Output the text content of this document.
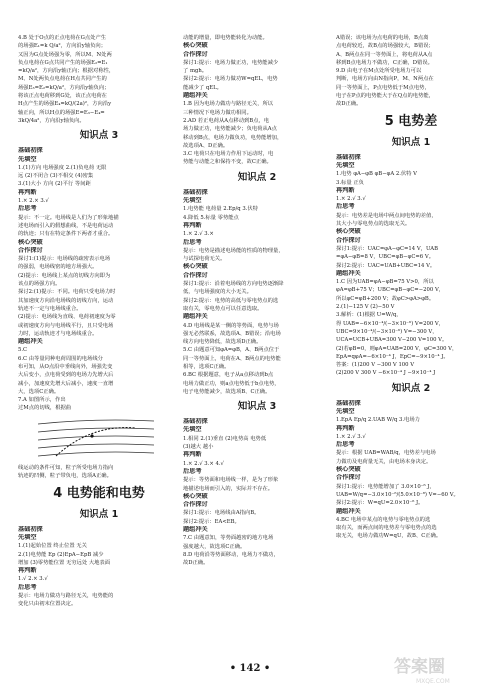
4.B 处于O点的正点电荷在G点处产生
的场强E₁=k Q/a²，方向沿y轴负向；
又因为G点处场强为零，所以M、N处两
负点电荷在G点共同产生的场强E₂=E₁
=kQ/a²，方向沿y轴正向；根据对称性，
M、N处两负点电荷在H点共同产生的
场强E₃=E₂=kQ/a²，方向沿y轴负向；
将该正点电荷移到G处，该正点电荷在
H点产生的场强E₄=kQ/(2a)²，方向沿y
轴正向，所以H点的场强E=E₃−E₄=
3kQ/4a²，方向沿y轴负向。
知识点 3
基础初探
先填空
1.(1)方向 电场强度 2.(1)负电荷 无限
远 (2)不闭合 (3)不相交 (4)密集
3.(1)大小 方向 (2)平行 等间距
再判断
1.× 2.× 3.√
后思考
提示：不一定。电场线是人们为了形象地描
述电场而引入的假想曲线，不是电荷运动
的轨迹；只有在特定条件下两者才重合。
核心突破
合作探讨
探讨1:(1)提示：电场线的疏密表示电场
的强弱，电场线密的地方场强大。
(2)提示：电场线上某点的切线方向即为
该点的场强方向。
探讨2:(1)提示：不同。电荷只受电场力时
其加速度方向沿电场线的切线方向，运动
轨迹不一定与电场线重合。
(2)提示：电场线为直线、电荷初速度为零
或初速度方向与电场线平行，且只受电场
力时，运动轨迹才与电场线重合。
题组冲关
5.C
6.C 由等量同种电荷周围的电场线分
布可知，从O点沿中垂线向外，场强先变
大后变小，点电荷受到的电场力先增大后
减小，加速度先增大后减小，速度一直增
大，选项C正确。
7.A 如图所示，作出
过M点的切线，根据曲
线运动的条件可知，粒子所受电场力指向
轨迹的凹侧，粒子带负电，选项A正确。
4 电势能和电势
知识点 1
基础初探
先填空
1.(1)起始位置 终止位置 无关
2.(1)电势能 Ep (2)EpA−EpB 减少
增加 (3)零势能位置 无穷远处 大地表面
再判断
1.√ 2.× 3.√
后思考
提示：电场力做功与路径无关，电势能的
变化只由初末位置决定。
动能的增量，即电势能转化为动能。
核心突破
合作探讨
探讨1:提示：电场力做正功，电势能减少
了 mgh。
探讨2:提示：电场力做功W=qEL，电势
能减少了 qEL。
题组冲关
1.B 因为电场力做功与路径无关，所以
三种情况下电场力做功相同。
2.AD 若正电荷从A点移动到B点，电
场力做正功，电势能减少；负电荷从A点
移动到B点，电场力做负功，电势能增加，
故选项A、D正确。
3.C 电荷只在电场力作用下运动时，电
势能与动能之和保持不变，故C正确。
知识点 2
基础初探
先填空
1.电势能 电荷量 2.Ep/q 3.伏特
4.降低 5.标量 零势能点
再判断
1.× 2.√ 3.×
后思考
提示：电势是描述电场能的性质的物理量，
与试探电荷无关。
核心突破
合作探讨
探讨1:提示：沿着电场线的方向电势逐渐降
低，与电场强度的大小无关。
探讨2:提示：电势的高低与零电势点的选
取有关，零电势点可以任意选取。
题组冲关
4.D 电场线是某一侧的等势面，电势与场
强无必然联系，故选项A、B错误；沿电场
线方向电势降低，故选项D正确。
5.C 由题意可知φA=φB，A、B两点位于
同一等势面上，电荷在A、B两点的电势能
相等，选项C正确。
6.BC 根据题意，电子从a点移动到b点
电场力做正功，则a点电势低于b点电势，
电子电势能减少，故选项B、C正确。
知识点 3
基础初探
先填空
1.相同 2.(1)垂直 (2)电势高 电势低
(3)越大 越小
再判断
1.× 2.√ 3.× 4.√
后思考
提示：等势面和电场线一样，是为了形象
地描述电场而引入的，实际并不存在。
核心突破
合作探讨
探讨1:提示：电场线由A指向B。
探讨2:提示：EA<EB。
题组冲关
7.C 由题意知，等势面越密的地方电场
强度越大，故选项C正确。
8.D 电荷沿等势面移动，电场力不做功，
故D正确。
A错误；该电场为点电荷的电场，B点离
点电荷较近，故B点的场强较大，B错误；
A、B两点在同一等势面上，将电荷从A点
移到B点电场力不做功，C正确，D错误。
9.D 由电子在M点处所受电场力可以
判断，电场方向由N指向P，M、N两点在
同一等势面上，P点电势低于M点电势，
电子在P点的电势能大于在Q点的电势能，
故D正确。
5 电势差
知识点 1
基础初探
先填空
1.电势 φA−φB φB−φA 2.伏特 V
3.标量 正负
再判断
1.× 2.√ 3.√
后思考
提示：电势差是电场中两点间电势的差值，
其大小与零电势点的选取无关。
核心突破
合作探讨
探讨1:提示：UAC=φA−φC=14 V，UAB
=φA−φB=8 V，UBC=φB−φC=6 V。
探讨2:提示：UAC=UAB+UBC=14 V。
题组冲关
1.C 因为UAB=φA−φB=75 V>0，所以
φA=φB+75 V；UBC=φB−φC=−200 V，
所以φC=φB+200 V；故φC>φA>φB。
2.(1)−125 V (2)−50 V
3.解析：(1)根据 U=W/q，
得 UAB=−6×10⁻⁴/(−3×10⁻⁶) V=200 V，
UBC=9×10⁻⁴/(−3×10⁻⁶) V=−300 V，
UCA=UCB+UBA=300 V−200 V=100 V。
(2)若φB=0，则φA=UAB=200 V，φC=300 V，
EpA=qφA=−6×10⁻⁴ J，EpC=−9×10⁻⁴ J。
答案：(1)200 V −300 V 100 V
(2)200 V 300 V −6×10⁻⁴ J −9×10⁻⁴ J
知识点 2
基础初探
先填空
1.EpA Ep/q 2.UAB W/q 3.电场力
再判断
1.× 2.√ 3.√
后思考
提示：根据 UAB=WAB/q，电势差与电场
力做功及电荷量无关，由电场本身决定。
核心突破
合作探讨
探讨1:提示：电势能增加了 3.0×10⁻⁶ J，
UAB=W/q=−3.0×10⁻⁶/(5.0×10⁻⁸) V=−60 V。
探讨2:提示：W=qU=2.0×10⁻⁶ J。
题组冲关
4.BC 电场中某点的电势与零电势点的选
取有关，而两点间的电势差与零电势点的选
取无关，电场力做功W=qU，故B、C正确。
• 142 •	答案圈
MXQE.COM
